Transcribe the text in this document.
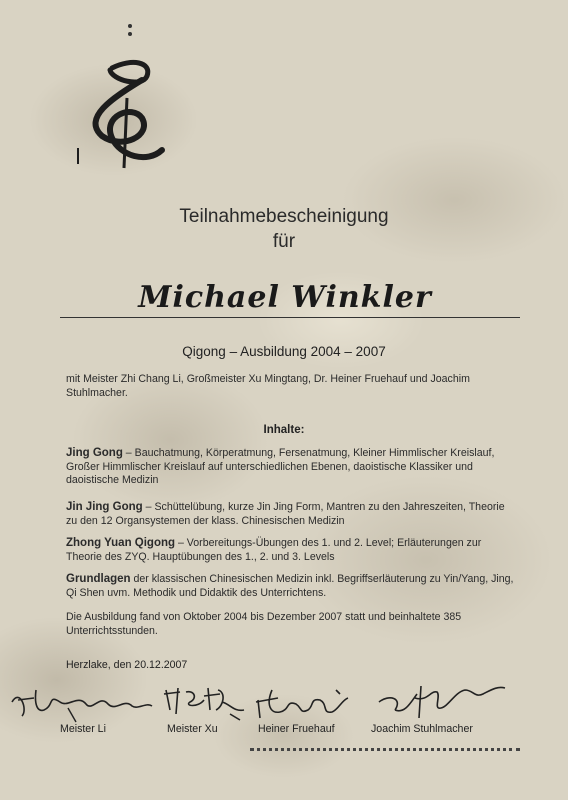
Teilnahmebescheinigung
für
Michael Winkler
Qigong – Ausbildung 2004 – 2007
mit Meister Zhi Chang Li, Großmeister Xu Mingtang, Dr. Heiner Fruehauf und Joachim Stuhlmacher.
Inhalte:
Jing Gong – Bauchatmung, Körperatmung, Fersenatmung, Kleiner Himmlischer Kreislauf, Großer Himmlischer Kreislauf auf unterschiedlichen Ebenen, daoistische Klassiker und daoistische Medizin
Jin Jing Gong – Schüttelübung, kurze Jin Jing Form, Mantren zu den Jahreszeiten, Theorie zu den 12 Organsystemen der klass. Chinesischen Medizin
Zhong Yuan Qigong – Vorbereitungs-Übungen des 1. und 2. Level; Erläuterungen zur Theorie des ZYQ. Hauptübungen des 1., 2. und 3. Levels
Grundlagen der klassischen Chinesischen Medizin inkl. Begriffserläuterung zu Yin/Yang, Jing, Qi Shen uvm. Methodik und Didaktik des Unterrichtens.
Die Ausbildung fand von Oktober 2004 bis Dezember 2007 statt und beinhaltete 385 Unterrichtsstunden.
Herzlake, den 20.12.2007
Meister Li	Meister Xu	Heiner Fruehauf	Joachim Stuhlmacher
